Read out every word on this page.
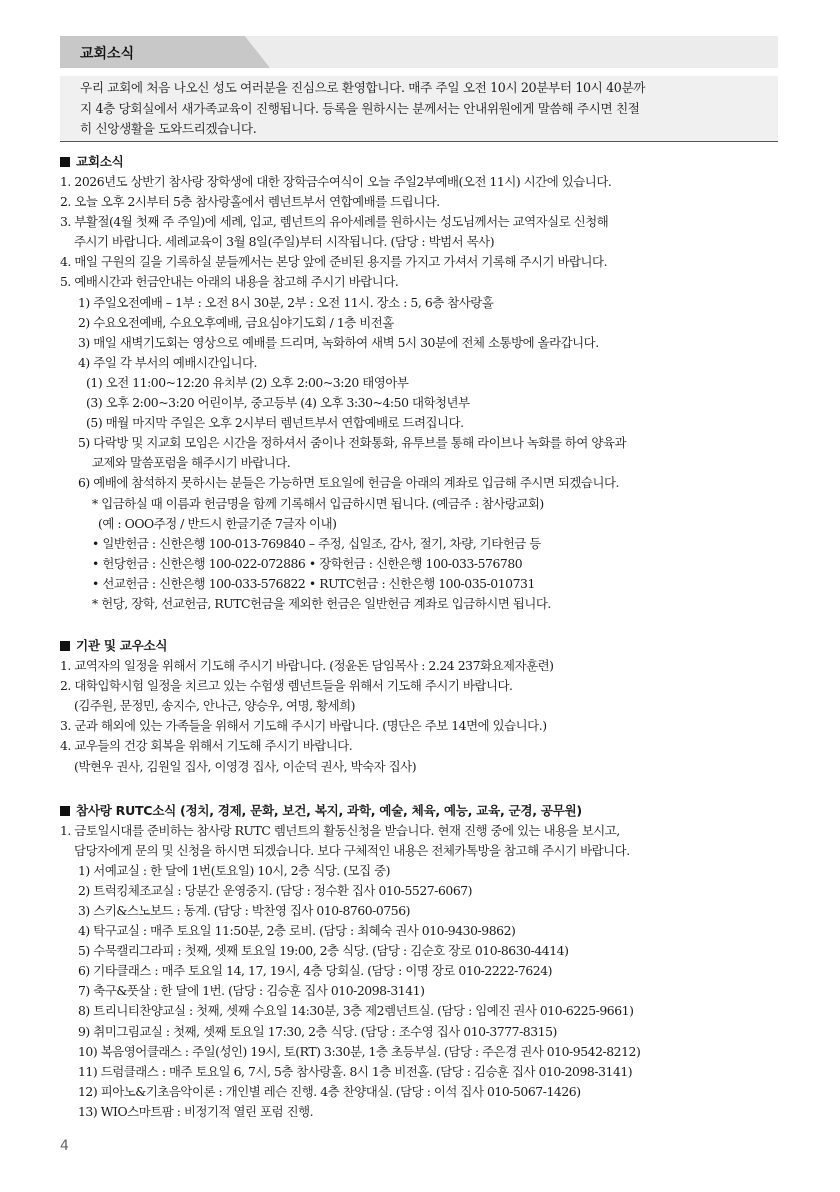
교회소식
우리 교회에 처음 나오신 성도 여러분을 진심으로 환영합니다. 매주 주일 오전 10시 20분부터 10시 40분까
지 4층 당회실에서 새가족교육이 진행됩니다. 등록을 원하시는 분께서는 안내위원에게 말씀해 주시면 친절
히 신앙생활을 도와드리겠습니다.
교회소식
1. 2026년도 상반기 참사랑 장학생에 대한 장학금수여식이 오늘 주일2부예배(오전 11시) 시간에 있습니다.
2. 오늘 오후 2시부터 5층 참사랑홀에서 렘넌트부서 연합예배를 드립니다.
3. 부활절(4월 첫째 주 주일)에 세례, 입교, 렘넌트의 유아세례를 원하시는 성도님께서는 교역자실로 신청해
주시기 바랍니다. 세례교육이 3월 8일(주일)부터 시작됩니다. (담당 : 박범서 목사)
4. 매일 구원의 길을 기록하실 분들께서는 본당 앞에 준비된 용지를 가지고 가셔서 기록해 주시기 바랍니다.
5. 예배시간과 헌금안내는 아래의 내용을 참고해 주시기 바랍니다.
1) 주일오전예배 – 1부 : 오전 8시 30분, 2부 : 오전 11시. 장소 : 5, 6층 참사랑홀
2) 수요오전예배, 수요오후예배, 금요심야기도회 / 1층 비전홀
3) 매일 새벽기도회는 영상으로 예배를 드리며, 녹화하여 새벽 5시 30분에 전체 소통방에 올라갑니다.
4) 주일 각 부서의 예배시간입니다.
(1) 오전 11:00~12:20 유치부 (2) 오후 2:00~3:20 태영아부
(3) 오후 2:00~3:20 어린이부, 중고등부 (4) 오후 3:30~4:50 대학청년부
(5) 매월 마지막 주일은 오후 2시부터 렘넌트부서 연합예배로 드려집니다.
5) 다락방 및 지교회 모임은 시간을 정하셔서 줌이나 전화통화, 유투브를 통해 라이브나 녹화를 하여 양육과
교제와 말씀포럼을 해주시기 바랍니다.
6) 예배에 참석하지 못하시는 분들은 가능하면 토요일에 헌금을 아래의 계좌로 입금해 주시면 되겠습니다.
* 입금하실 때 이름과 헌금명을 함께 기록해서 입금하시면 됩니다. (예금주 : 참사랑교회)
(예 : OOO주정 / 반드시 한글기준 7글자 이내)
• 일반헌금 : 신한은행 100-013-769840 – 주정, 십일조, 감사, 절기, 차량, 기타헌금 등
• 헌당헌금 : 신한은행 100-022-072886 • 장학헌금 : 신한은행 100-033-576780
• 선교헌금 : 신한은행 100-033-576822 • RUTC헌금 : 신한은행 100-035-010731
* 헌당, 장학, 선교헌금, RUTC헌금을 제외한 헌금은 일반헌금 계좌로 입금하시면 됩니다.
기관 및 교우소식
1. 교역자의 일정을 위해서 기도해 주시기 바랍니다. (정윤돈 담임목사 : 2.24 237화요제자훈련)
2. 대학입학시험 일정을 치르고 있는 수험생 렘넌트들을 위해서 기도해 주시기 바랍니다.
(김주원, 문정민, 송지수, 안나근, 양승우, 여명, 황세희)
3. 군과 해외에 있는 가족들을 위해서 기도해 주시기 바랍니다. (명단은 주보 14면에 있습니다.)
4. 교우들의 건강 회복을 위해서 기도해 주시기 바랍니다.
(박현우 권사, 김원일 집사, 이영경 집사, 이순덕 권사, 박숙자 집사)
참사랑 RUTC소식 (정치, 경제, 문화, 보건, 복지, 과학, 예술, 체육, 예능, 교육, 군경, 공무원)
1. 금토일시대를 준비하는 참사랑 RUTC 렘넌트의 활동신청을 받습니다. 현재 진행 중에 있는 내용을 보시고,
담당자에게 문의 및 신청을 하시면 되겠습니다. 보다 구체적인 내용은 전체카톡방을 참고해 주시기 바랍니다.
1) 서예교실 : 한 달에 1번(토요일) 10시, 2층 식당. (모집 중)
2) 트럭킹체조교실 : 당분간 운영중지. (담당 : 정수환 집사 010-5527-6067)
3) 스키&스노보드 : 동계. (담당 : 박찬영 집사 010-8760-0756)
4) 탁구교실 : 매주 토요일 11:50분, 2층 로비. (담당 : 최혜숙 권사 010-9430-9862)
5) 수묵캘리그라피 : 첫째, 셋째 토요일 19:00, 2층 식당. (담당 : 김순호 장로 010-8630-4414)
6) 기타클래스 : 매주 토요일 14, 17, 19시, 4층 당회실. (담당 : 이명 장로 010-2222-7624)
7) 축구&풋살 : 한 달에 1번. (담당 : 김승훈 집사 010-2098-3141)
8) 트리니티찬양교실 : 첫째, 셋째 수요일 14:30분, 3층 제2렘넌트실. (담당 : 임예진 권사 010-6225-9661)
9) 취미그림교실 : 첫째, 셋째 토요일 17:30, 2층 식당. (담당 : 조수영 집사 010-3777-8315)
10) 복음영어클래스 : 주일(성인) 19시, 토(RT) 3:30분, 1층 초등부실. (담당 : 주은경 권사 010-9542-8212)
11) 드럼클래스 : 매주 토요일 6, 7시, 5층 참사랑홀. 8시 1층 비전홀. (담당 : 김승훈 집사 010-2098-3141)
12) 피아노&기초음악이론 : 개인별 레슨 진행. 4층 찬양대실. (담당 : 이석 집사 010-5067-1426)
13) WIO스마트팜 : 비정기적 열린 포럼 진행.
4
